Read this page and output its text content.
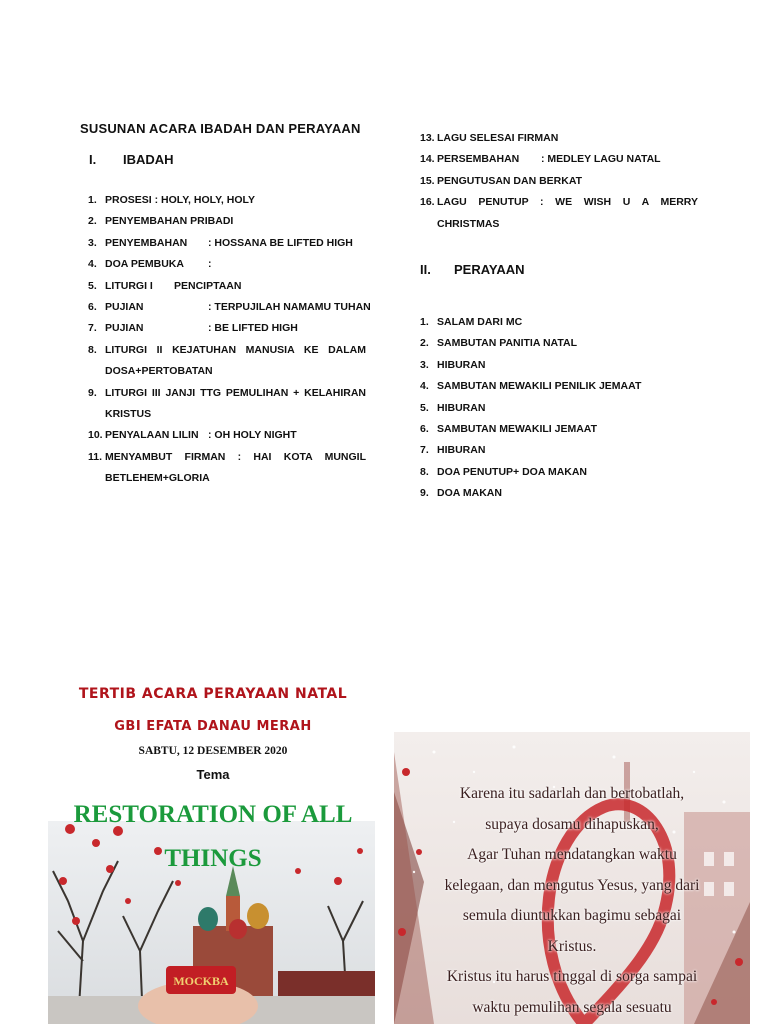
SUSUNAN ACARA IBADAH DAN PERAYAAN
I. IBADAH
1. PROSESI : HOLY, HOLY, HOLY
2. PENYEMBAHAN PRIBADI
3. PENYEMBAHAN : HOSSANA BE LIFTED HIGH
4. DOA PEMBUKA :
5. LITURGI I PENCIPTAAN
6. PUJIAN	: TERPUJILAH NAMAMU TUHAN
7. PUJIAN	: BE LIFTED HIGH
8. LITURGI II KEJATUHAN MANUSIA KE DALAM DOSA+PERTOBATAN
9. LITURGI III JANJI TTG PEMULIHAN + KELAHIRAN KRISTUS
10. PENYALAAN LILIN : OH HOLY NIGHT
11. MENYAMBUT FIRMAN : HAI KOTA MUNGIL BETLEHEM+GLORIA
13. LAGU SELESAI FIRMAN
14. PERSEMBAHAN : MEDLEY LAGU NATAL
15. PENGUTUSAN DAN BERKAT
16. LAGU PENUTUP : WE WISH U A MERRY CHRISTMAS
II. PERAYAAN
1. SALAM DARI MC
2. SAMBUTAN PANITIA NATAL
3. HIBURAN
4. SAMBUTAN MEWAKILI PENILIK JEMAAT
5. HIBURAN
6. SAMBUTAN MEWAKILI JEMAAT
7. HIBURAN
8. DOA PENUTUP+ DOA MAKAN
9. DOA MAKAN
TERTIB ACARA PERAYAAN NATAL
GBI EFATA DANAU MERAH
SABTU, 12 DESEMBER 2020
Tema
MOCKBA
RESTORATION OF ALL THINGS
Karena itu sadarlah dan bertobatlah,
supaya dosamu dihapuskan,
Agar Tuhan mendatangkan waktu
kelegaan, dan mengutus Yesus, yang dari
semula diuntukkan bagimu sebagai
Kristus.
Kristus itu harus tinggal di sorga sampai
waktu pemulihan segala sesuatu
